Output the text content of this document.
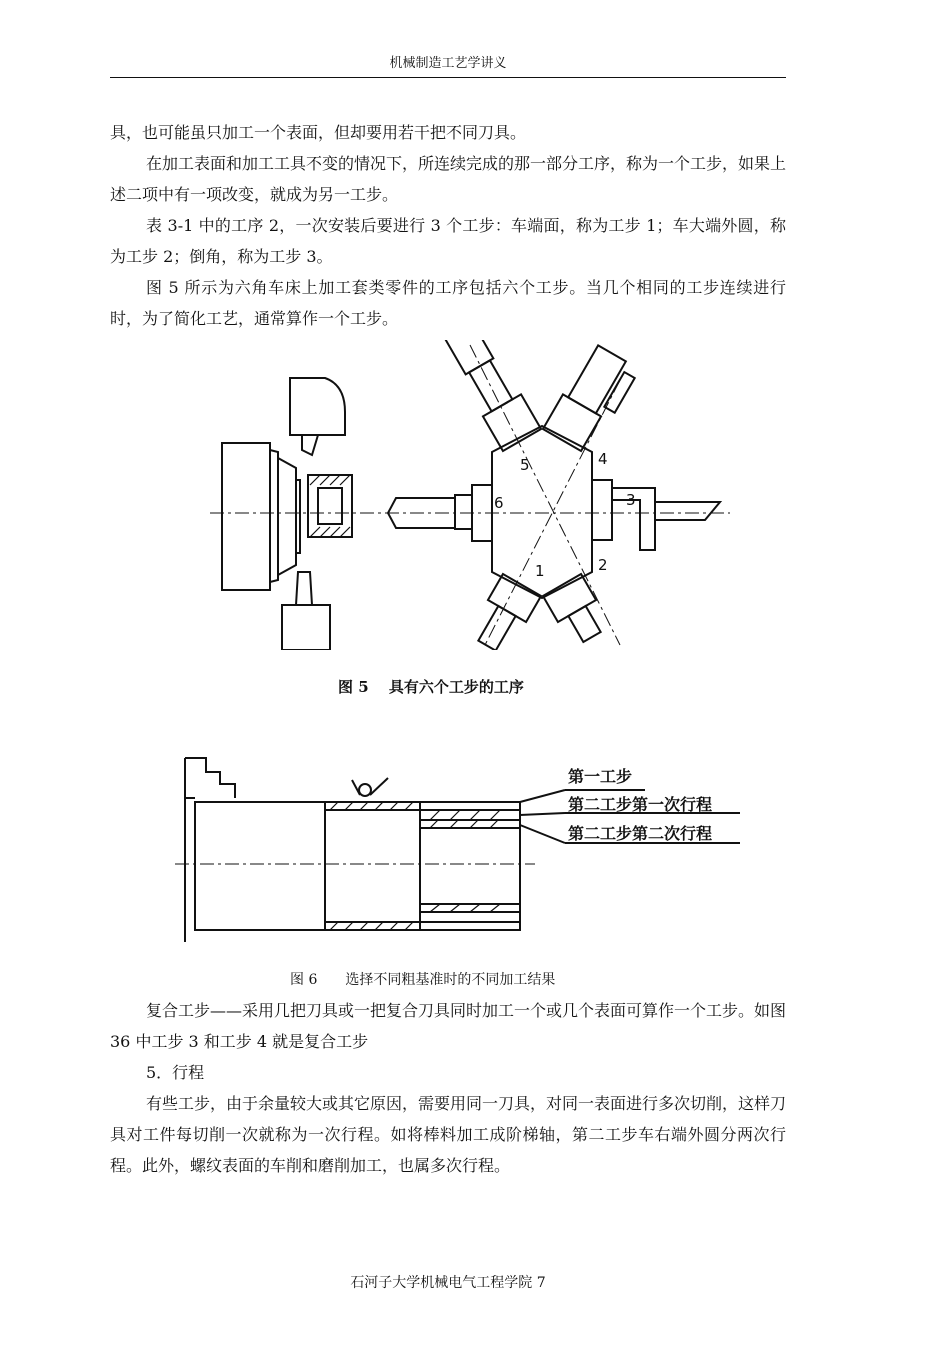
机械制造工艺学讲义

具，也可能虽只加工一个表面，但却要用若干把不同刀具。

在加工表面和加工工具不变的情况下，所连续完成的那一部分工序，称为一个工步，如果上述二项中有一项改变，就成为另一工步。

表 3-1 中的工序 2，一次安装后要进行 3 个工步：车端面，称为工步 1；车大端外圆，称为工步 2；倒角，称为工步 3。

图 5 所示为六角车床上加工套类零件的工序包括六个工步。当几个相同的工步连续进行时，为了简化工艺，通常算作一个工步。

1	2
3
4
5
6
图 5　 具有六个工步的工序
第一工步
第二工步第一次行程
第二工步第二次行程
图 6　　选择不同粗基准时的不同加工结果

复合工步——采用几把刀具或一把复合刀具同时加工一个或几个表面可算作一个工步。如图 36 中工步 3 和工步 4 就是复合工步

5．行程

有些工步，由于余量较大或其它原因，需要用同一刀具，对同一表面进行多次切削，这样刀具对工件每切削一次就称为一次行程。如将棒料加工成阶梯轴，第二工步车右端外圆分两次行程。此外，螺纹表面的车削和磨削加工，也属多次行程。

石河子大学机械电气工程学院 7
